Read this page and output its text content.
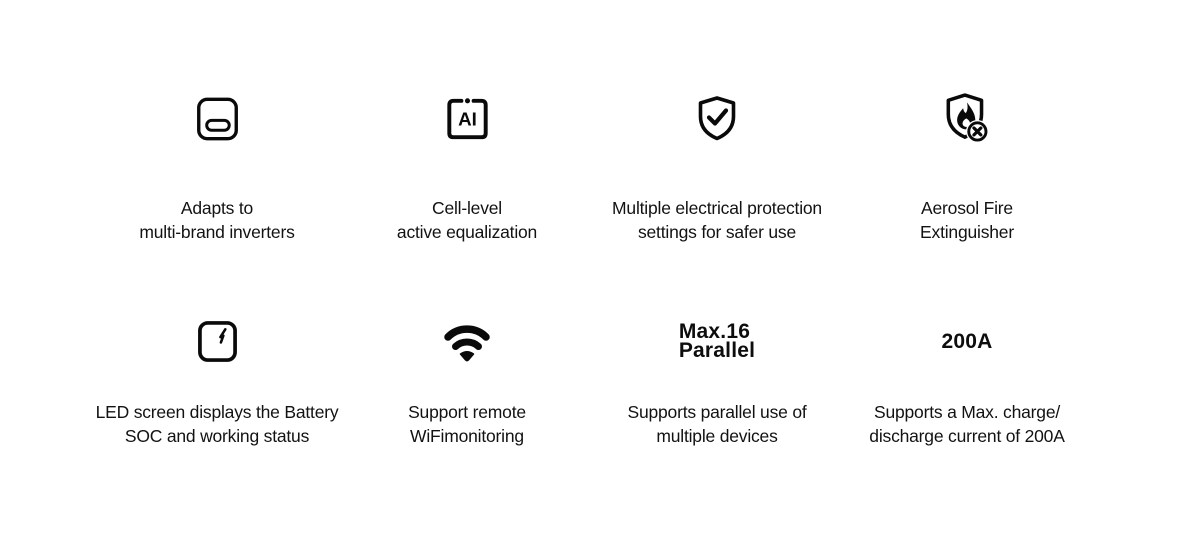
Adapts to
multi-brand inverters
AI
Cell-level
active equalization
Multiple electrical protection
settings for safer use
Aerosol Fire
Extinguisher
LED screen displays the Battery
SOC and working status
Support remote
WiFimonitoring
Max.16
Parallel
Supports parallel use of
multiple devices
200A
Supports a Max. charge/
discharge current of 200A
